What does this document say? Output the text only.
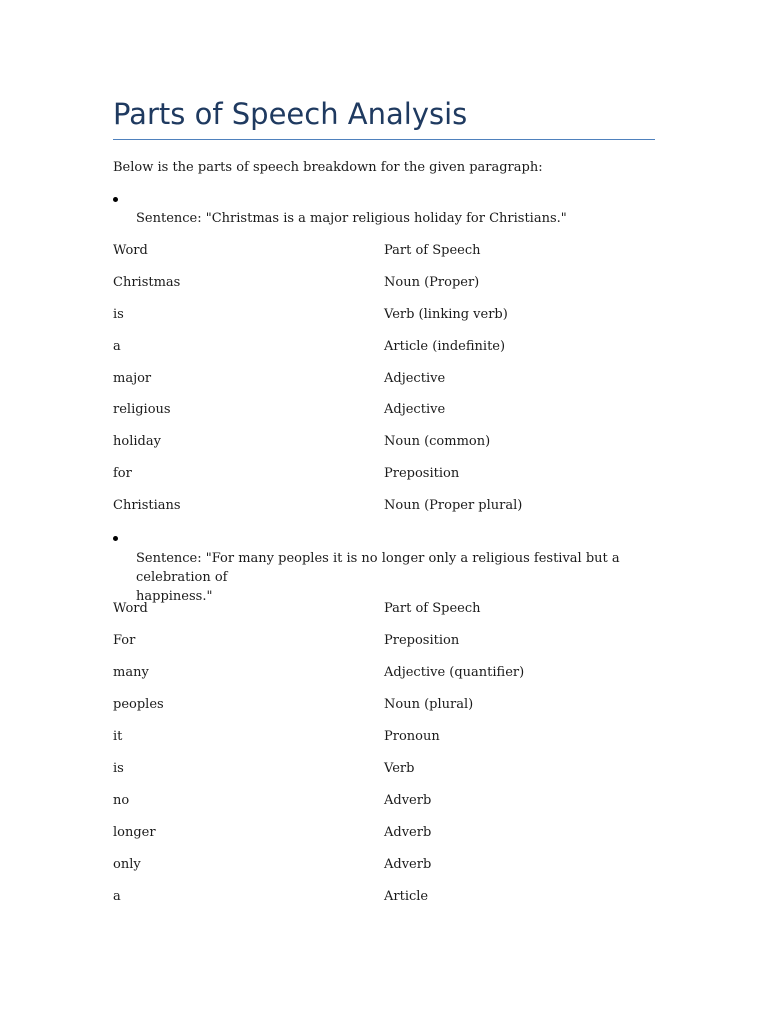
Parts of Speech Analysis
Below is the parts of speech breakdown for the given paragraph:
Sentence: "Christmas is a major religious holiday for Christians."
Word	Part of Speech
Christmas	Noun (Proper)
is	Verb (linking verb)
a	Article (indefinite)
major	Adjective
religious	Adjective
holiday	Noun (common)
for	Preposition
Christians	Noun (Proper plural)
Sentence: "For many peoples it is no longer only a religious festival but a celebration of
happiness."
Word	Part of Speech
For	Preposition
many	Adjective (quantifier)
peoples	Noun (plural)
it	Pronoun
is	Verb
no	Adverb
longer	Adverb
only	Adverb
a	Article
